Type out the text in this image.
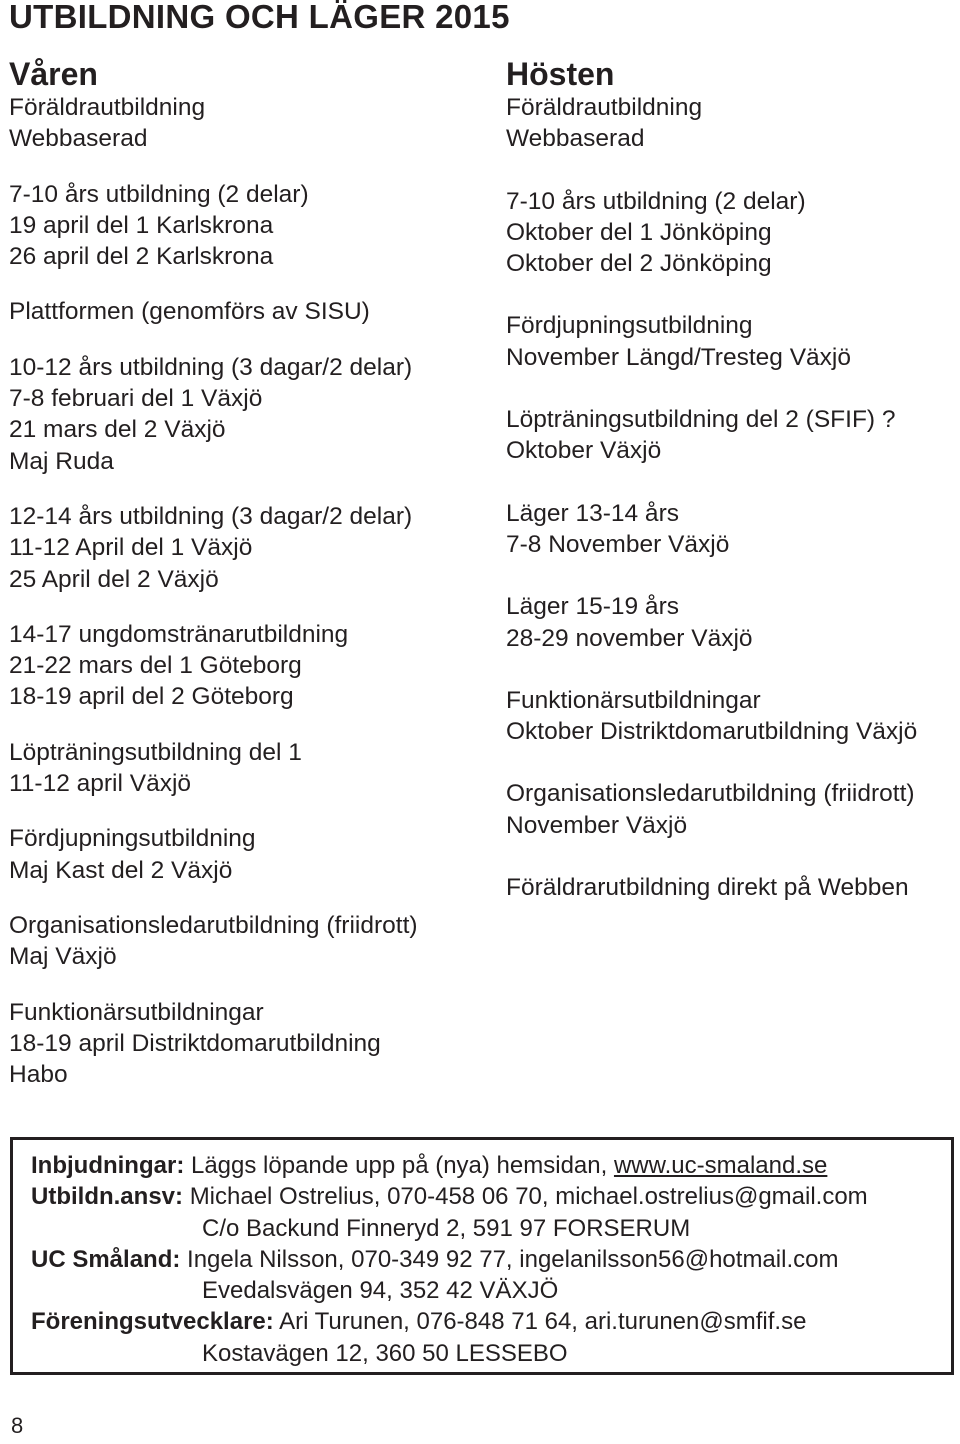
UTBILDNING OCH LÄGER 2015
Våren
Föräldrautbildning
Webbaserad
7-10 års utbildning (2 delar)
19 april del 1 Karlskrona
26 april del 2 Karlskrona
Plattformen (genomförs av SISU)
10-12 års utbildning (3 dagar/2 delar)
7-8 februari del 1 Växjö
21 mars del 2 Växjö
Maj Ruda
12-14 års utbildning (3 dagar/2 delar)
11-12 April del 1 Växjö
25 April del 2 Växjö
14-17 ungdomstränarutbildning
21-22 mars del 1 Göteborg
18-19 april del 2 Göteborg
Löpträningsutbildning del 1
11-12 april Växjö
Fördjupningsutbildning
Maj Kast del 2 Växjö
Organisationsledarutbildning (friidrott)
Maj Växjö
Funktionärsutbildningar
18-19 april Distriktdomarutbildning
Habo
Hösten
Föräldrautbildning
Webbaserad
7-10 års utbildning (2 delar)
Oktober del 1 Jönköping
Oktober del 2 Jönköping
Fördjupningsutbildning
November Längd/Tresteg Växjö
Löpträningsutbildning del 2 (SFIF) ?
Oktober Växjö
Läger 13-14 års
7-8 November Växjö
Läger 15-19 års
28-29 november Växjö
Funktionärsutbildningar
Oktober Distriktdomarutbildning Växjö
Organisationsledarutbildning (friidrott)
November Växjö
Föräldrarutbildning direkt på Webben
Inbjudningar: Läggs löpande upp på (nya) hemsidan, www.uc-smaland.se
Utbildn.ansv: Michael Ostrelius, 070-458 06 70, michael.ostrelius@gmail.com
C/o Backund Finneryd 2, 591 97 FORSERUM
UC Småland: Ingela Nilsson, 070-349 92 77, ingelanilsson56@hotmail.com
Evedalsvägen 94, 352 42 VÄXJÖ
Föreningsutvecklare: Ari Turunen, 076-848 71 64, ari.turunen@smfif.se
Kostavägen 12, 360 50 LESSEBO
8
